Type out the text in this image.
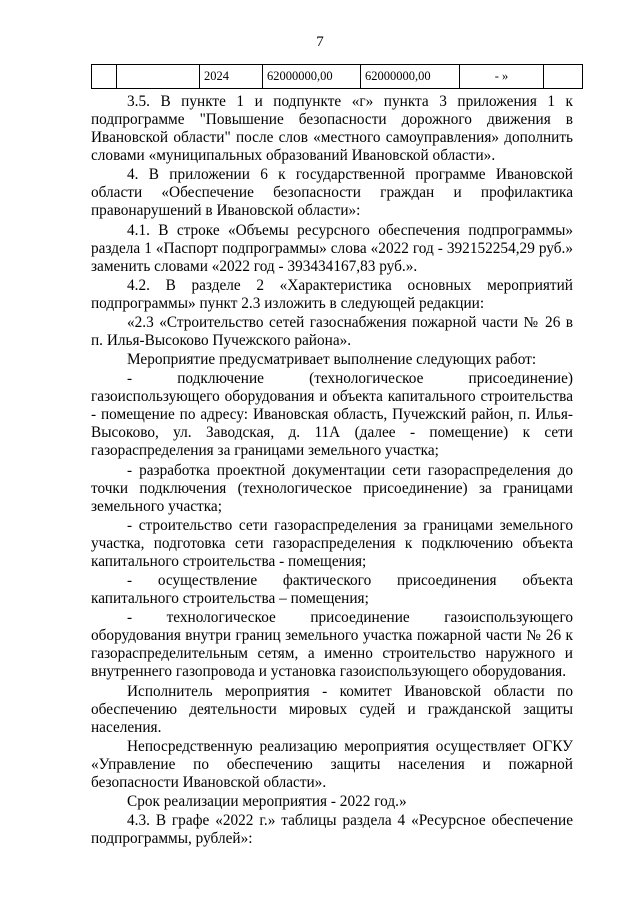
7
		2024	62000000,00	62000000,00	- »	

3.5. В пункте 1 и подпункте «г» пункта 3 приложения 1 к подпрограмме "Повышение безопасности дорожного движения в Ивановской области" после слов «местного самоуправления» дополнить словами «муниципальных образований Ивановской области».

4. В приложении 6 к государственной программе Ивановской области «Обеспечение безопасности граждан и профилактика правонарушений в Ивановской области»:

4.1. В строке «Объемы ресурсного обеспечения подпрограммы» раздела 1 «Паспорт подпрограммы» слова «2022 год - 392152254,29 руб.» заменить словами «2022 год - 393434167,83 руб.».

4.2. В разделе 2 «Характеристика основных мероприятий подпрограммы» пункт 2.3 изложить в следующей редакции:

«2.3 «Строительство сетей газоснабжения пожарной части № 26 в п. Илья-Высоково Пучежского района».

Мероприятие предусматривает выполнение следующих работ:

- подключение (технологическое присоединение) газоиспользующего оборудования и объекта капитального строительства - помещение по адресу: Ивановская область, Пучежский район, п. Илья-Высоково, ул. Заводская, д. 11А (далее - помещение) к сети газораспределения за границами земельного участка;

- разработка проектной документации сети газораспределения до точки подключения (технологическое присоединение) за границами земельного участка;

- строительство сети газораспределения за границами земельного участка, подготовка сети газораспределения к подключению объекта капитального строительства - помещения;

- осуществление фактического присоединения объекта капитального строительства – помещения;

- технологическое присоединение газоиспользующего оборудования внутри границ земельного участка пожарной части № 26 к газораспределительным сетям, а именно строительство наружного и внутреннего газопровода и установка газоиспользующего оборудования.

Исполнитель мероприятия - комитет Ивановской области по обеспечению деятельности мировых судей и гражданской защиты населения.

Непосредственную реализацию мероприятия осуществляет ОГКУ «Управление по обеспечению защиты населения и пожарной безопасности Ивановской области».

Срок реализации мероприятия - 2022 год.»

4.3. В графе «2022 г.» таблицы раздела 4 «Ресурсное обеспечение подпрограммы, рублей»:
